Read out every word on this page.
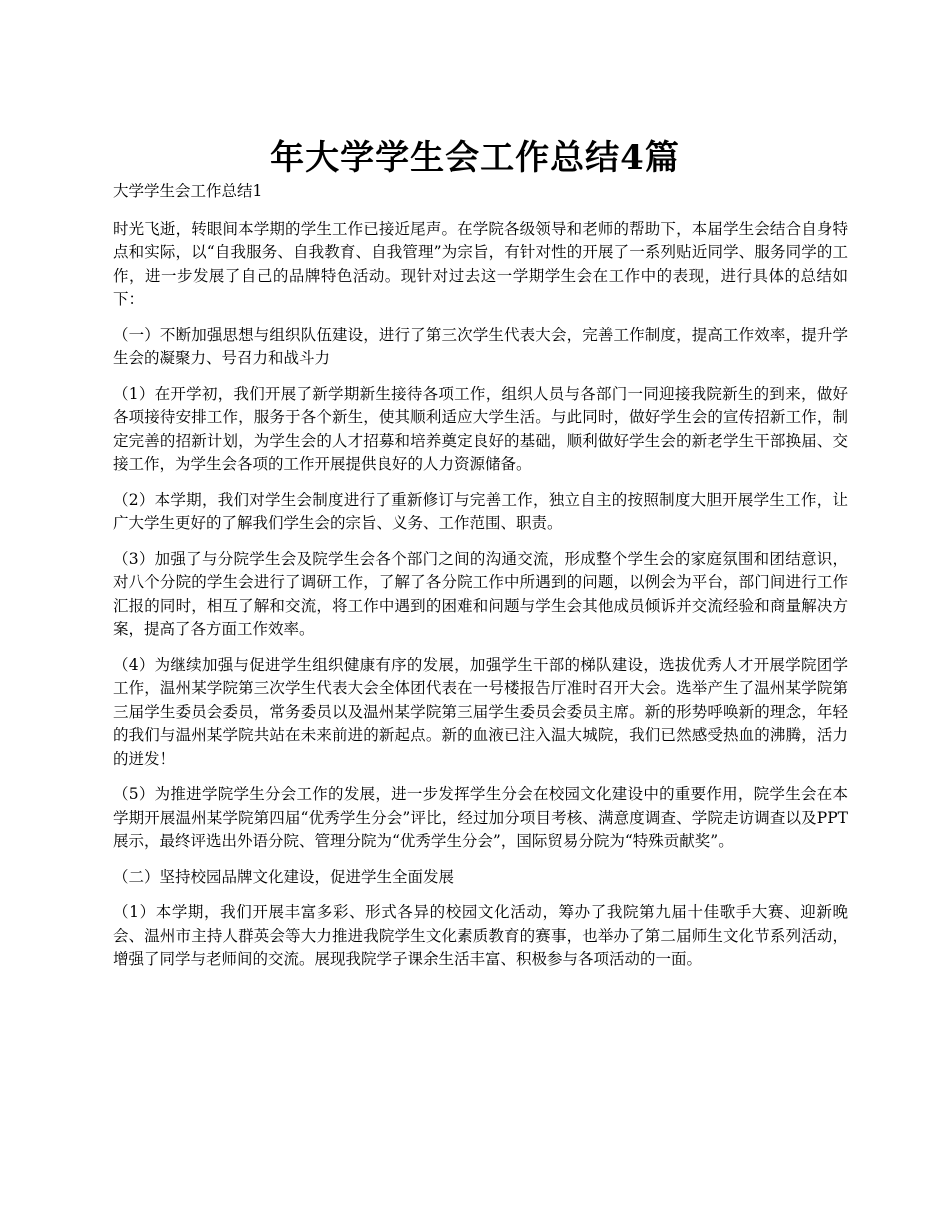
年大学学生会工作总结4篇

大学学生会工作总结1

时光飞逝，转眼间本学期的学生工作已接近尾声。在学院各级领导和老师的帮助下，本届学生会结合自身特点和实际，以“自我服务、自我教育、自我管理”为宗旨，有针对性的开展了一系列贴近同学、服务同学的工作，进一步发展了自己的品牌特色活动。现针对过去这一学期学生会在工作中的表现，进行具体的总结如下：

（一）不断加强思想与组织队伍建设，进行了第三次学生代表大会，完善工作制度，提高工作效率，提升学生会的凝聚力、号召力和战斗力

（1）在开学初，我们开展了新学期新生接待各项工作，组织人员与各部门一同迎接我院新生的到来，做好各项接待安排工作，服务于各个新生，使其顺利适应大学生活。与此同时，做好学生会的宣传招新工作，制定完善的招新计划，为学生会的人才招募和培养奠定良好的基础，顺利做好学生会的新老学生干部换届、交接工作，为学生会各项的工作开展提供良好的人力资源储备。

（2）本学期，我们对学生会制度进行了重新修订与完善工作，独立自主的按照制度大胆开展学生工作，让广大学生更好的了解我们学生会的宗旨、义务、工作范围、职责。

（3）加强了与分院学生会及院学生会各个部门之间的沟通交流，形成整个学生会的家庭氛围和团结意识，对八个分院的学生会进行了调研工作，了解了各分院工作中所遇到的问题，以例会为平台，部门间进行工作汇报的同时，相互了解和交流，将工作中遇到的困难和问题与学生会其他成员倾诉并交流经验和商量解决方案，提高了各方面工作效率。

（4）为继续加强与促进学生组织健康有序的发展，加强学生干部的梯队建设，选拔优秀人才开展学院团学工作，温州某学院第三次学生代表大会全体团代表在一号楼报告厅准时召开大会。选举产生了温州某学院第三届学生委员会委员，常务委员以及温州某学院第三届学生委员会委员主席。新的形势呼唤新的理念，年轻的我们与温州某学院共站在未来前进的新起点。新的血液已注入温大城院，我们已然感受热血的沸腾，活力的迸发！

（5）为推进学院学生分会工作的发展，进一步发挥学生分会在校园文化建设中的重要作用，院学生会在本学期开展温州某学院第四届“优秀学生分会”评比，经过加分项目考核、满意度调查、学院走访调查以及PPT展示，最终评选出外语分院、管理分院为“优秀学生分会”，国际贸易分院为“特殊贡献奖”。

（二）坚持校园品牌文化建设，促进学生全面发展

（1）本学期，我们开展丰富多彩、形式各异的校园文化活动，筹办了我院第九届十佳歌手大赛、迎新晚会、温州市主持人群英会等大力推进我院学生文化素质教育的赛事，也举办了第二届师生文化节系列活动，增强了同学与老师间的交流。展现我院学子课余生活丰富、积极参与各项活动的一面。
